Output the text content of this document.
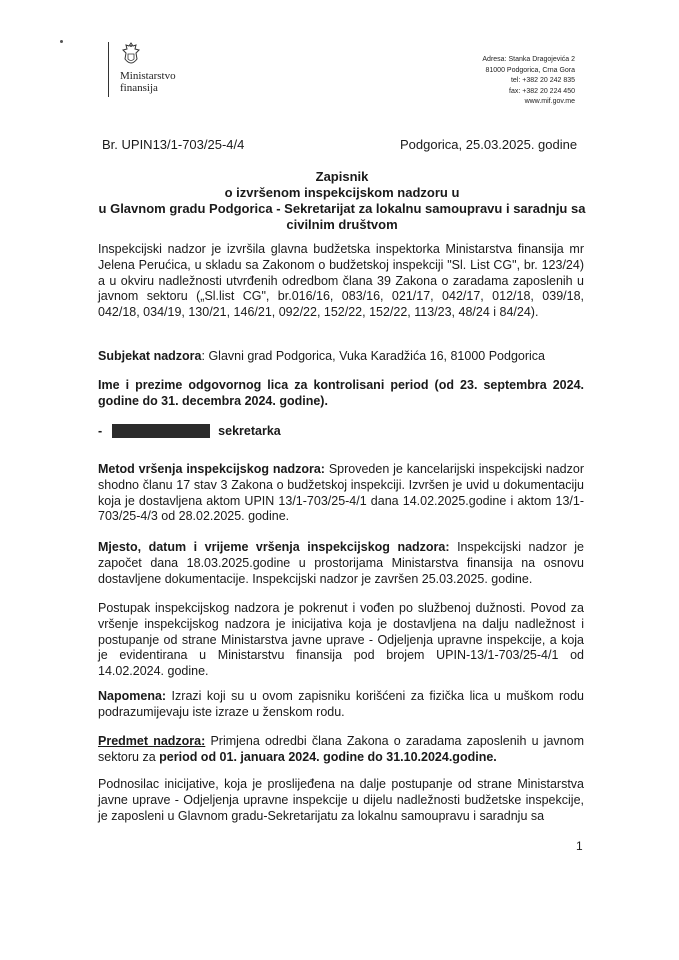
Ministarstvo
finansija
Adresa: Stanka Dragojevića 2
81000 Podgorica, Crna Gora
tel: +382 20 242 835
fax: +382 20 224 450
www.mif.gov.me
Br. UPIN13/1-703/25-4/4	Podgorica, 25.03.2025. godine
Zapisnik
o izvršenom inspekcijskom nadzoru u
u Glavnom gradu Podgorica - Sekretarijat za lokalnu samoupravu i saradnju sa
civilnim društvom
Inspekcijski nadzor je izvršila glavna budžetska inspektorka Ministarstva finansija mr Jelena Perućica, u skladu sa Zakonom o budžetskoj inspekciji "Sl. List CG", br. 123/24) a u okviru nadležnosti utvrđenih odredbom člana 39 Zakona o zaradama zaposlenih u javnom sektoru („Sl.list CG", br.016/16, 083/16, 021/17, 042/17, 012/18, 039/18, 042/18, 034/19, 130/21, 146/21, 092/22, 152/22, 152/22, 113/23, 48/24 i 84/24).
Subjekat nadzora: Glavni grad Podgorica, Vuka Karadžića 16, 81000 Podgorica
Ime i prezime odgovornog lica za kontrolisani period (od 23. septembra 2024. godine do 31. decembra 2024. godine).
-	sekretarka
Metod vršenja inspekcijskog nadzora: Sproveden je kancelarijski inspekcijski nadzor shodno članu 17 stav 3 Zakona o budžetskoj inspekciji. Izvršen je uvid u dokumentaciju koja je dostavljena aktom UPIN 13/1-703/25-4/1 dana 14.02.2025.godine i aktom 13/1-703/25-4/3 od 28.02.2025. godine.
Mjesto, datum i vrijeme vršenja inspekcijskog nadzora: Inspekcijski nadzor je započet dana 18.03.2025.godine u prostorijama Ministarstva finansija na osnovu dostavljene dokumentacije. Inspekcijski nadzor je završen 25.03.2025. godine.
Postupak inspekcijskog nadzora je pokrenut i vođen po službenoj dužnosti. Povod za vršenje inspekcijskog nadzora je inicijativa koja je dostavljena na dalju nadležnost i postupanje od strane Ministarstva javne uprave - Odjeljenja upravne inspekcije, a koja je evidentirana u Ministarstvu finansija pod brojem UPIN-13/1-703/25-4/1 od 14.02.2024. godine.
Napomena: Izrazi koji su u ovom zapisniku korišćeni za fizička lica u muškom rodu podrazumijevaju iste izraze u ženskom rodu.
Predmet nadzora: Primjena odredbi člana Zakona o zaradama zaposlenih u javnom sektoru za period od 01. januara 2024. godine do 31.10.2024.godine.
Podnosilac inicijative, koja je proslijeđena na dalje postupanje od strane Ministarstva javne uprave - Odjeljenja upravne inspekcije u dijelu nadležnosti budžetske inspekcije, je zaposleni u Glavnom gradu-Sekretarijatu za lokalnu samoupravu i saradnju sa
1
